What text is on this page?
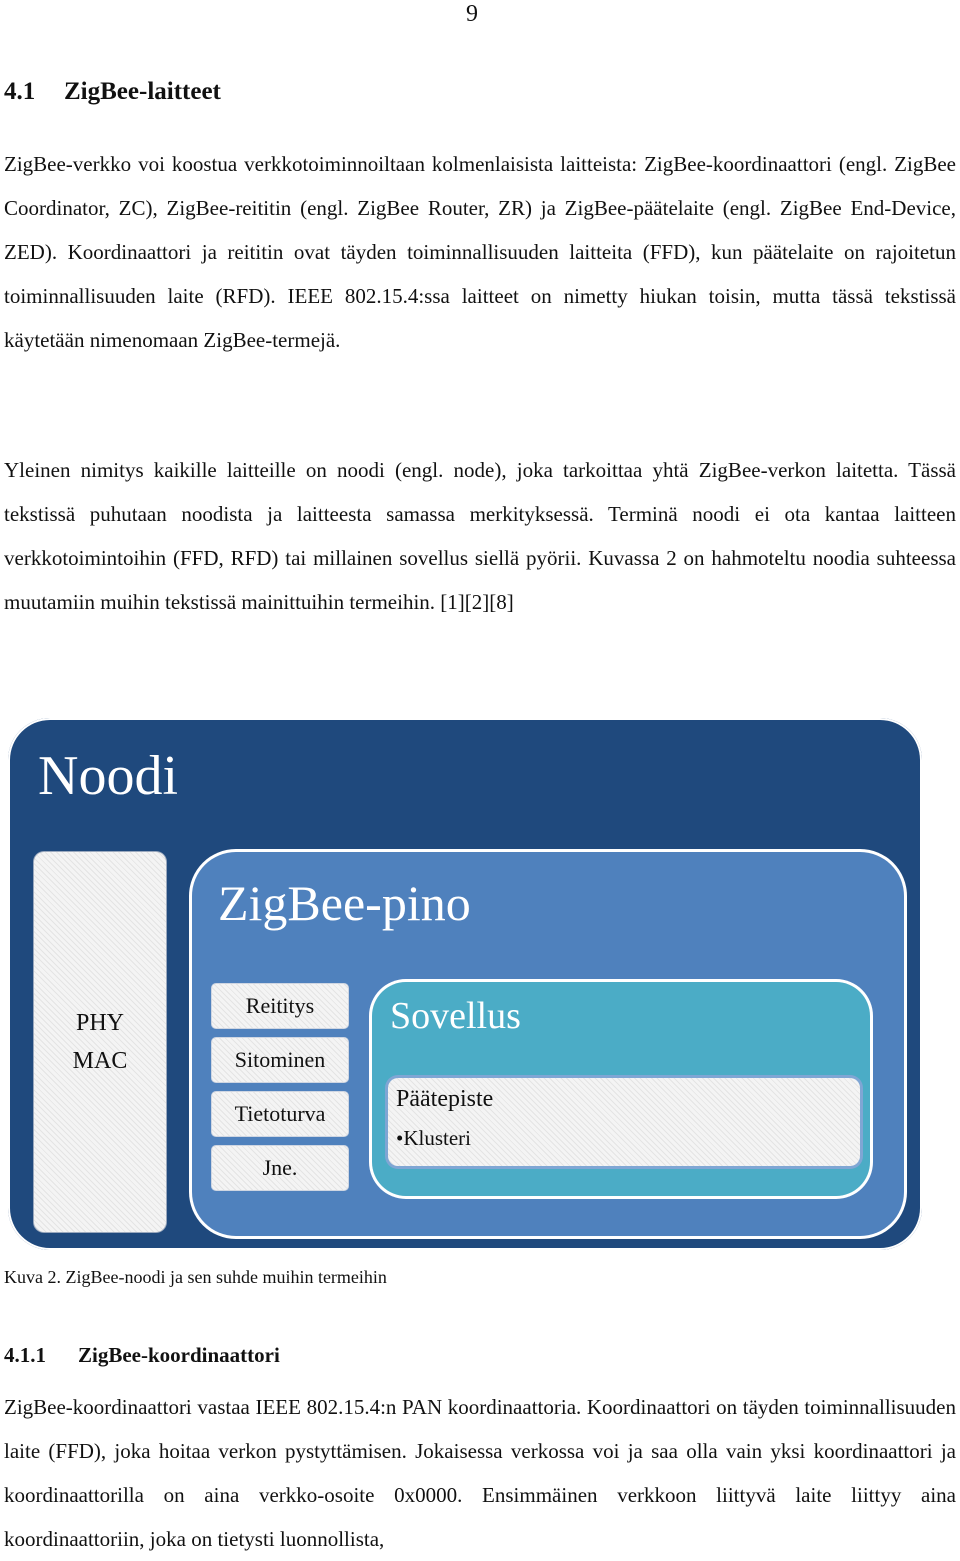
9
4.1 ZigBee-laitteet

ZigBee-verkko voi koostua verkkotoiminnoiltaan kolmenlaisista laitteista: ZigBee-koordinaattori (engl. ZigBee Coordinator, ZC), ZigBee-reititin (engl. ZigBee Router, ZR) ja ZigBee-päätelaite (engl. ZigBee End-Device, ZED). Koordinaattori ja reititin ovat täyden toiminnallisuuden laitteita (FFD), kun päätelaite on rajoitetun toiminnallisuuden laite (RFD). IEEE 802.15.4:ssa laitteet on nimetty hiukan toisin, mutta tässä tekstissä käytetään nimenomaan ZigBee-termejä.

Yleinen nimitys kaikille laitteille on noodi (engl. node), joka tarkoittaa yhtä ZigBee-verkon laitetta. Tässä tekstissä puhutaan noodista ja laitteesta samassa merkityksessä. Terminä noodi ei ota kantaa laitteen verkkotoimintoihin (FFD, RFD) tai millainen sovellus siellä pyörii. Kuvassa 2 on hahmoteltu noodia suhteessa muutamiin muihin tekstissä mainittuihin termeihin. [1][2][8]

Noodi
PHY
MAC
ZigBee-pino
Reititys
Sitominen
Tietoturva
Jne.
Sovellus
Päätepiste
•Klusteri
Kuva 2. ZigBee-noodi ja sen suhde muihin termeihin
4.1.1 ZigBee-koordinaattori

ZigBee-koordinaattori vastaa IEEE 802.15.4:n PAN koordinaattoria. Koordinaattori on täyden toiminnallisuuden laite (FFD), joka hoitaa verkon pystyttämisen. Jokaisessa verkossa voi ja saa olla vain yksi koordinaattori ja koordinaattorilla on aina verkko-osoite 0x0000. Ensimmäinen verkkoon liittyvä laite liittyy aina koordinaattoriin, joka on tietysti luonnollista,
